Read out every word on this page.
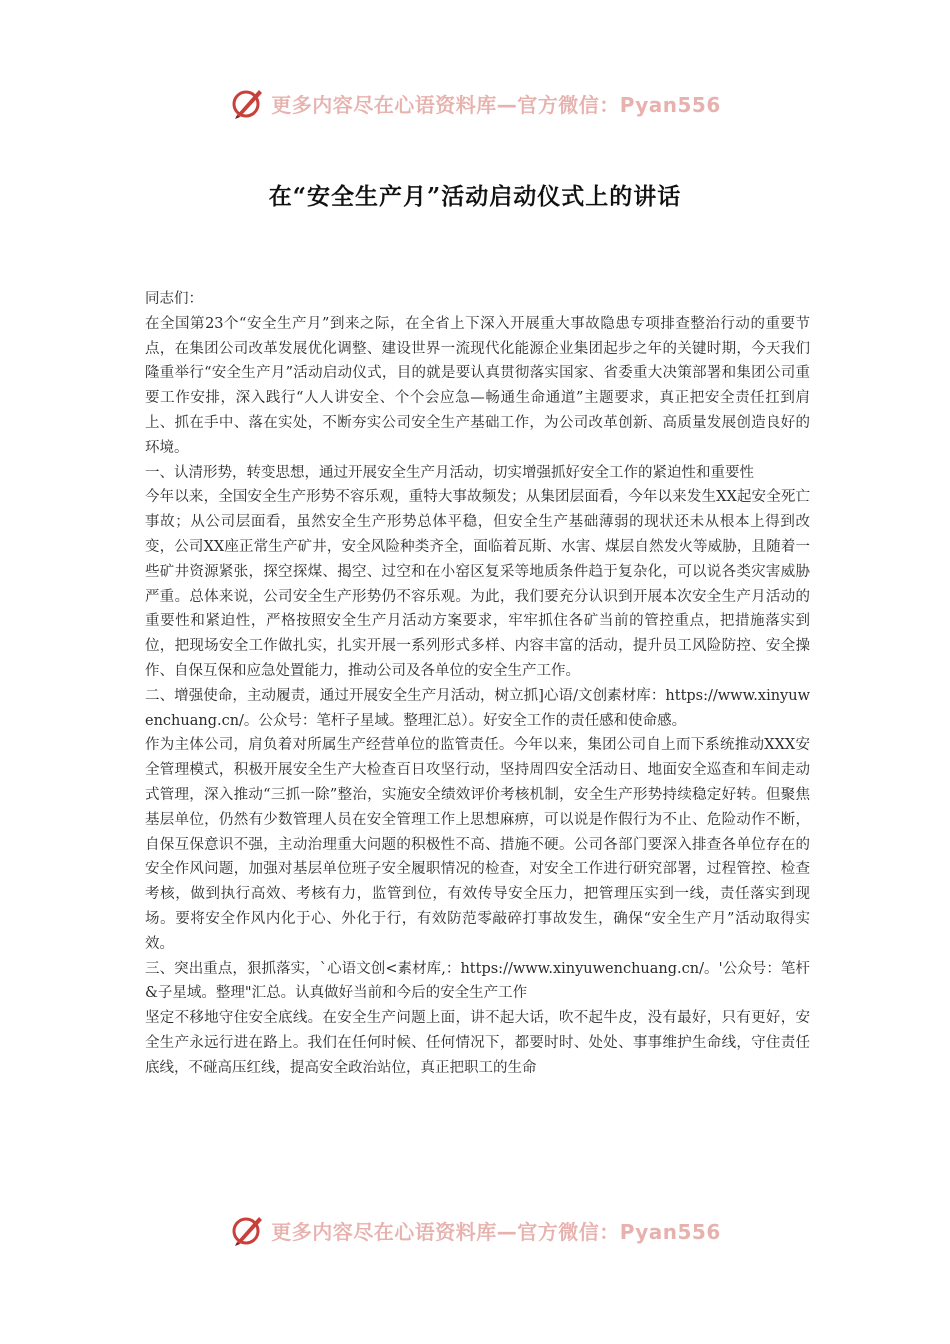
更多内容尽在心语资料库—官方微信：Pyan556
在“安全生产月”活动启动仪式上的讲话

同志们：

在全国第23个“安全生产月”到来之际，在全省上下深入开展重大事故隐患专项排查整治行动的重要节点，在集团公司改革发展优化调整、建设世界一流现代化能源企业集团起步之年的关键时期，今天我们隆重举行“安全生产月”活动启动仪式，目的就是要认真贯彻落实国家、省委重大决策部署和集团公司重要工作安排，深入践行“人人讲安全、个个会应急—畅通生命通道”主题要求，真正把安全责任扛到肩上、抓在手中、落在实处，不断夯实公司安全生产基础工作，为公司改革创新、高质量发展创造良好的环境。

一、认清形势，转变思想，通过开展安全生产月活动，切实增强抓好安全工作的紧迫性和重要性

今年以来，全国安全生产形势不容乐观，重特大事故频发；从集团层面看，今年以来发生XX起安全死亡事故；从公司层面看，虽然安全生产形势总体平稳，但安全生产基础薄弱的现状还未从根本上得到改变，公司XX座正常生产矿井，安全风险种类齐全，面临着瓦斯、水害、煤层自然发火等威胁，且随着一些矿井资源紧张，探空探煤、揭空、过空和在小窑区复采等地质条件趋于复杂化，可以说各类灾害威胁严重。总体来说，公司安全生产形势仍不容乐观。为此，我们要充分认识到开展本次安全生产月活动的重要性和紧迫性，严格按照安全生产月活动方案要求，牢牢抓住各矿当前的管控重点，把措施落实到位，把现场安全工作做扎实，扎实开展一系列形式多样、内容丰富的活动，提升员工风险防控、安全操作、自保互保和应急处置能力，推动公司及各单位的安全生产工作。

二、增强使命，主动履责，通过开展安全生产月活动，树立抓]心语/文创素材库：https://www.xinyuwenchuang.cn/。公众号：笔杆子星域。整理汇总）。好安全工作的责任感和使命感。

作为主体公司，肩负着对所属生产经营单位的监管责任。今年以来，集团公司自上而下系统推动XXX安全管理模式，积极开展安全生产大检查百日攻坚行动，坚持周四安全活动日、地面安全巡查和车间走动式管理，深入推动“三抓一除”整治，实施安全绩效评价考核机制，安全生产形势持续稳定好转。但聚焦基层单位，仍然有少数管理人员在安全管理工作上思想麻痹，可以说是作假行为不止、危险动作不断，自保互保意识不强，主动治理重大问题的积极性不高、措施不硬。公司各部门要深入排查各单位存在的安全作风问题，加强对基层单位班子安全履职情况的检查，对安全工作进行研究部署，过程管控、检查考核，做到执行高效、考核有力，监管到位，有效传导安全压力，把管理压实到一线，责任落实到现场。要将安全作风内化于心、外化于行，有效防范零敲碎打事故发生，确保“安全生产月”活动取得实效。

三、突出重点，狠抓落实，`心语文创<素材库,：https://www.xinyuwenchuang.cn/。'公众号：笔杆&子星域。整理"汇总。认真做好当前和今后的安全生产工作

坚定不移地守住安全底线。在安全生产问题上面，讲不起大话，吹不起牛皮，没有最好，只有更好，安全生产永远行进在路上。我们在任何时候、任何情况下，都要时时、处处、事事维护生命线，守住责任底线，不碰高压红线，提高安全政治站位，真正把职工的生命

更多内容尽在心语资料库—官方微信：Pyan556
